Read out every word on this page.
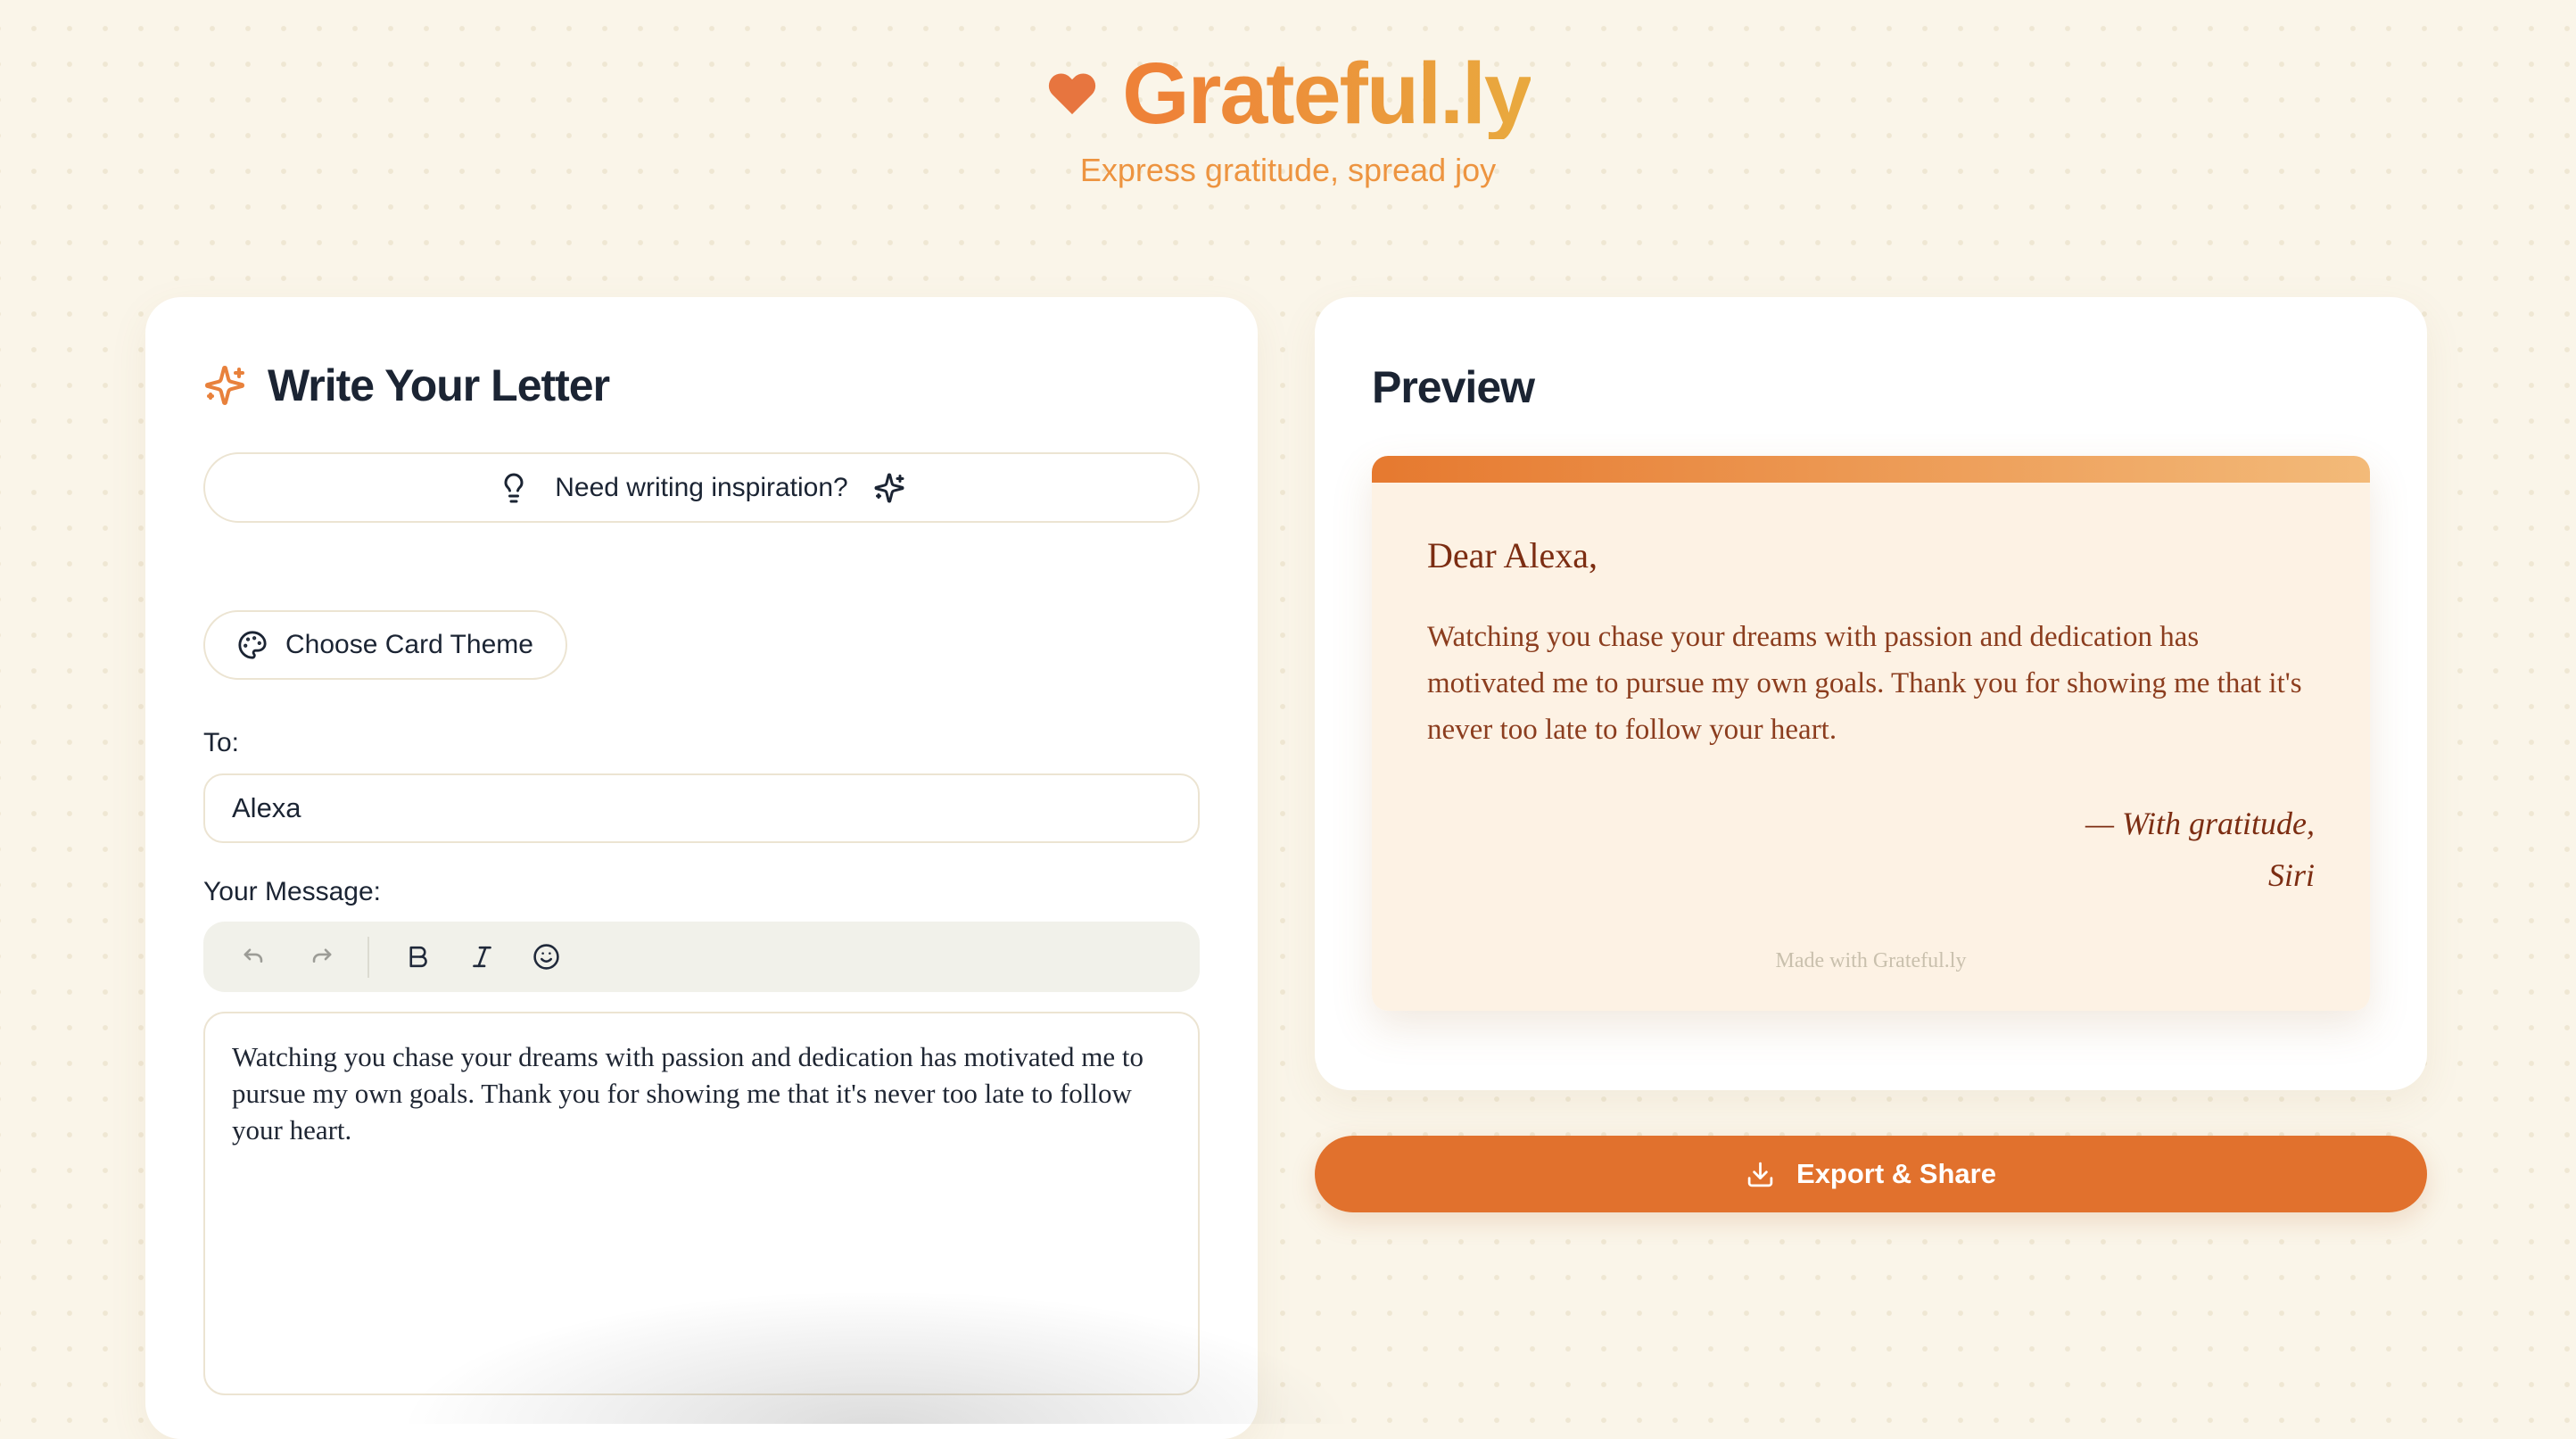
Grateful.ly
Express gratitude, spread joy
Write Your Letter
Need writing inspiration?
Choose Card Theme
To:
Alexa
Your Message:
Watching you chase your dreams with passion and dedication has motivated me to pursue my own goals. Thank you for showing me that it's never too late to follow your heart.
Preview
Dear Alexa,
Watching you chase your dreams with passion and dedication has motivated me to pursue my own goals. Thank you for showing me that it's never too late to follow your heart.
— With gratitude,
Siri
Made with Grateful.ly
Export & Share
